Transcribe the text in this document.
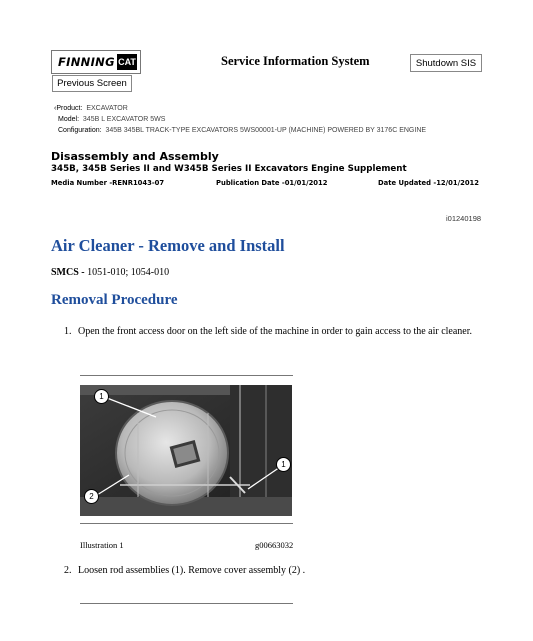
FINNING CAT	Service Information System	Shutdown SIS
Previous Screen
‹Product: EXCAVATOR
Model: 345B L EXCAVATOR 5WS
Configuration: 345B 345BL TRACK-TYPE EXCAVATORS 5WS00001-UP (MACHINE) POWERED BY 3176C ENGINE
Disassembly and Assembly
345B, 345B Series II and W345B Series II Excavators Engine Supplement
Media Number -RENR1043-07	Publication Date -01/01/2012	Date Updated -12/01/2012
i01240198
Air Cleaner - Remove and Install
SMCS - 1051-010; 1054-010
Removal Procedure
1. Open the front access door on the left side of the machine in order to gain access to the air cleaner.
1
1
2
Illustration 1	g00663032
2. Loosen rod assemblies (1). Remove cover assembly (2) .
